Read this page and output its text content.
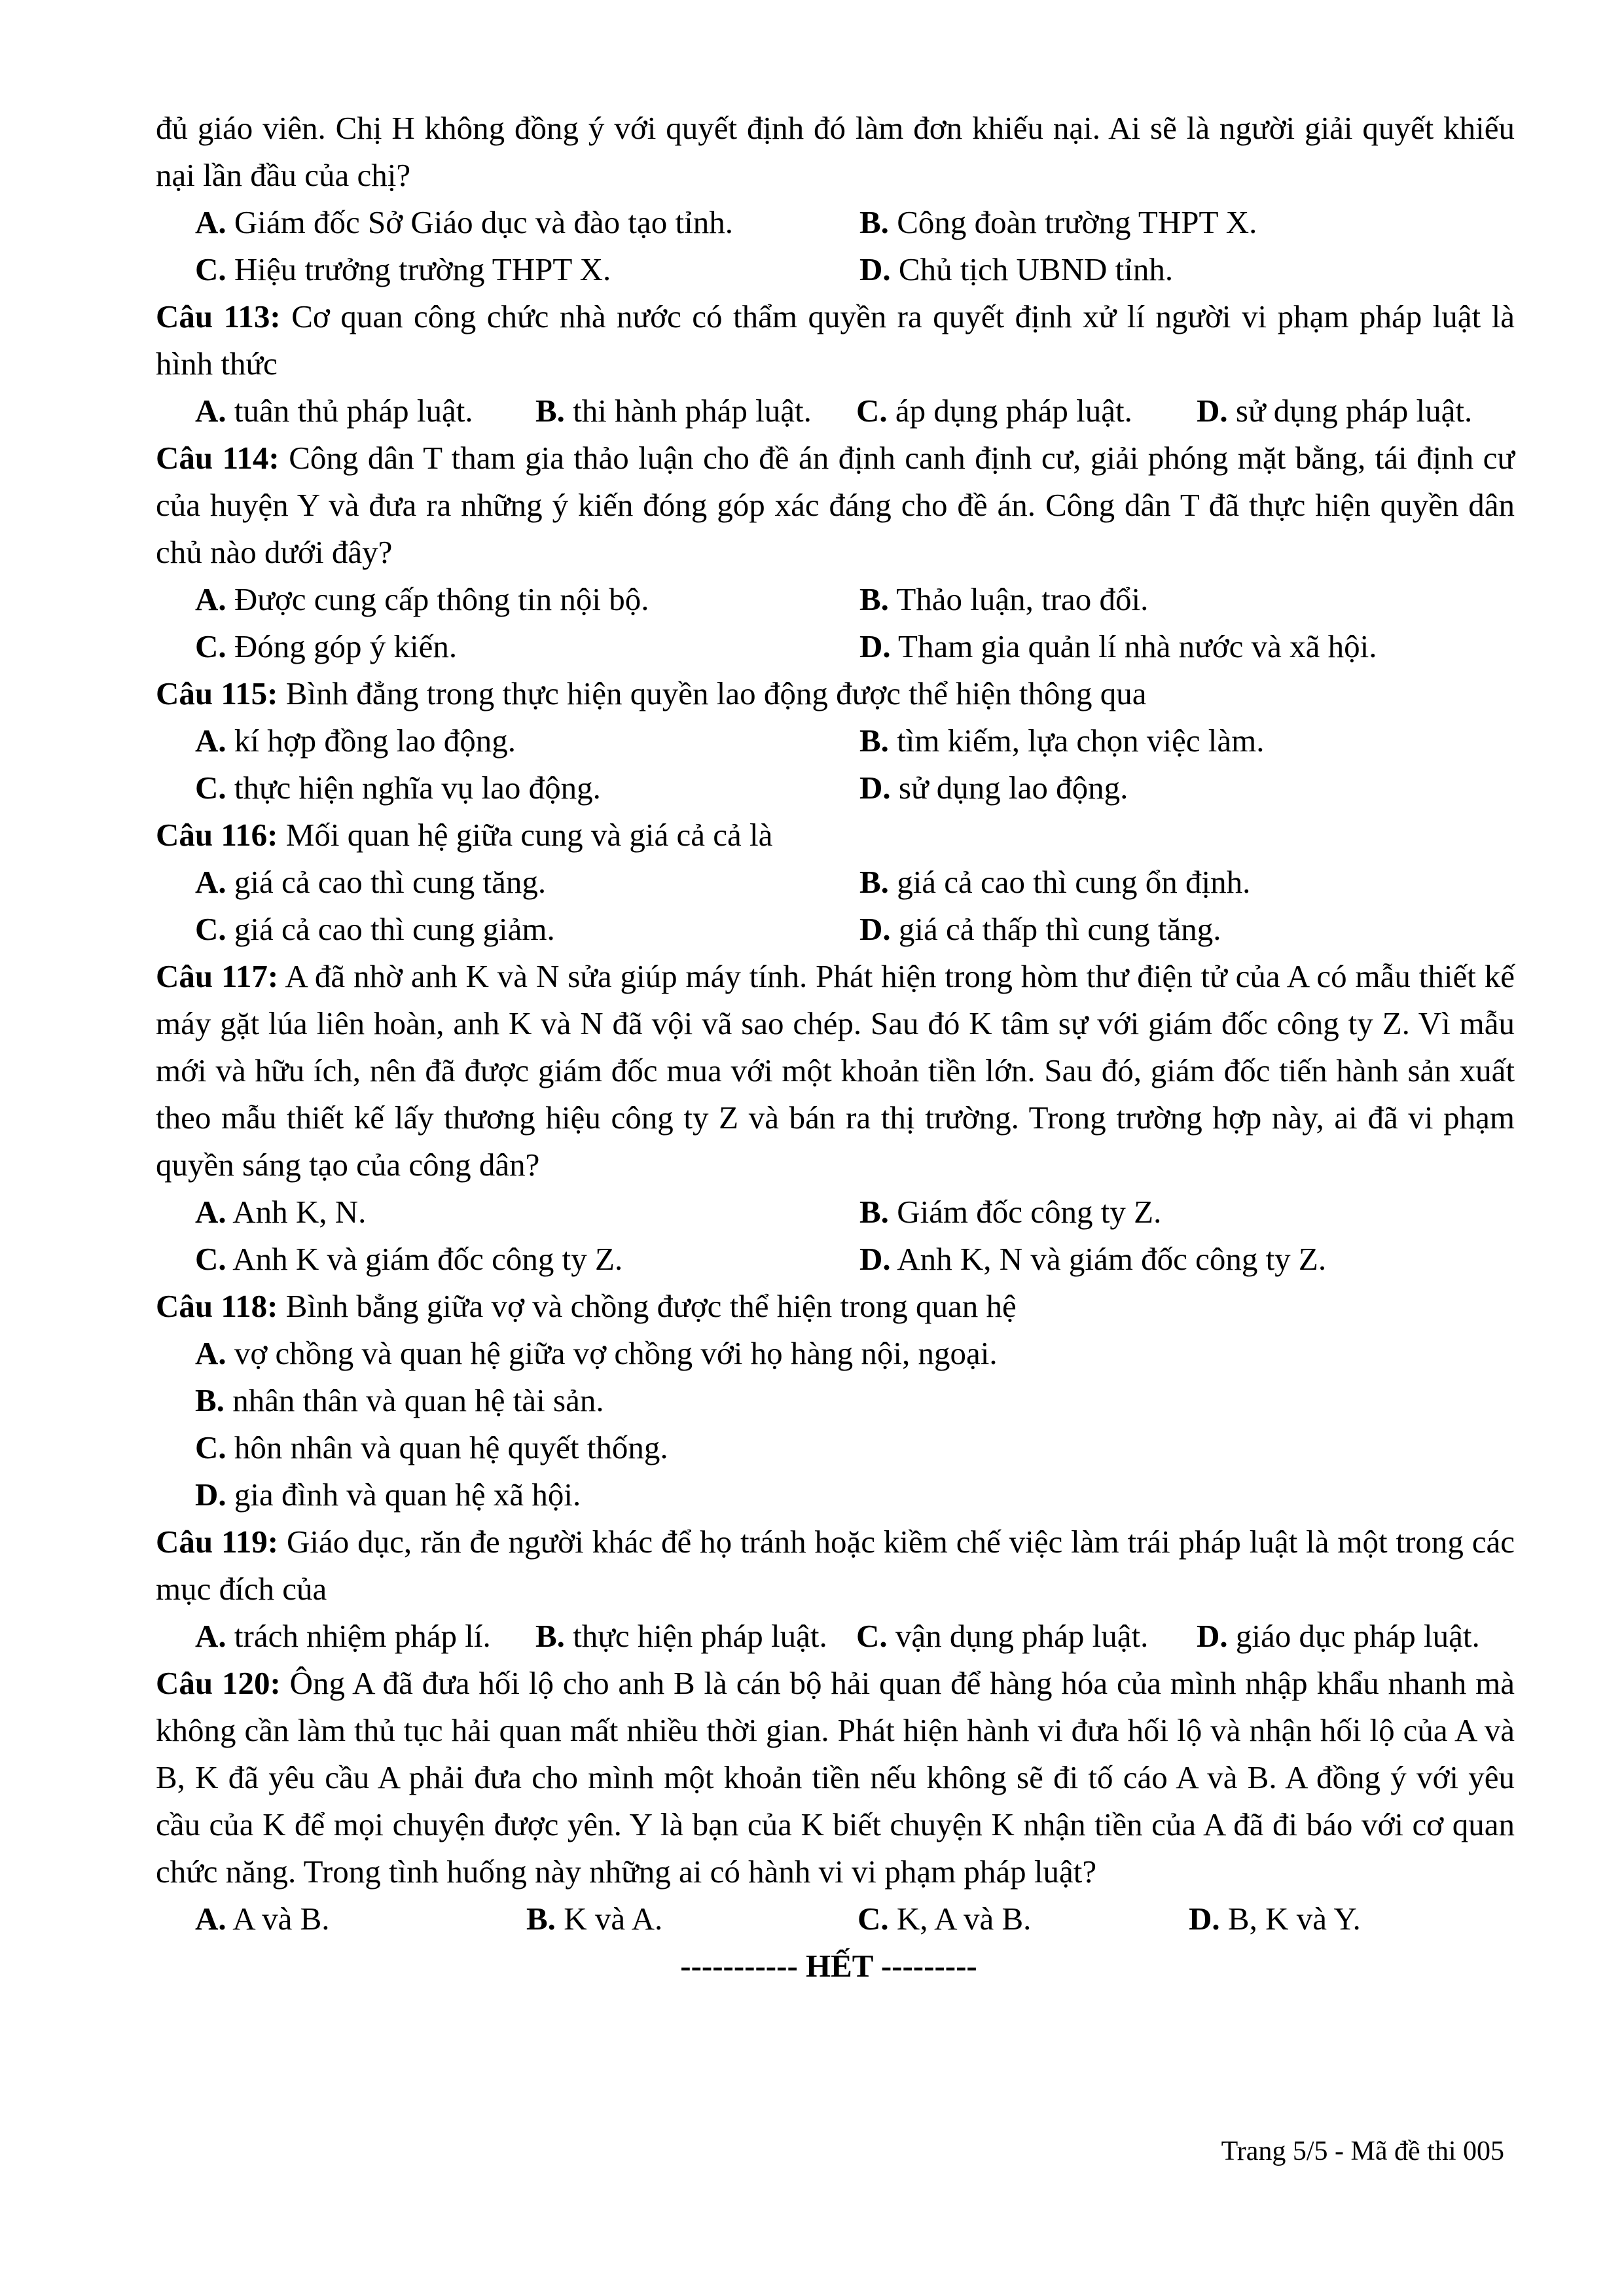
đủ giáo viên. Chị H không đồng ý với quyết định đó làm đơn khiếu nại. Ai sẽ là người giải quyết khiếu nại lần đầu của chị?

A. Giám đốc Sở Giáo dục và đào tạo tỉnh.	B. Công đoàn trường THPT X.
C. Hiệu trưởng trường THPT X.	D. Chủ tịch UBND tỉnh.

Câu 113: Cơ quan công chức nhà nước có thẩm quyền ra quyết định xử lí người vi phạm pháp luật là hình thức

A. tuân thủ pháp luật.	B. thi hành pháp luật.	C. áp dụng pháp luật.	D. sử dụng pháp luật.

Câu 114: Công dân T tham gia thảo luận cho đề án định canh định cư, giải phóng mặt bằng, tái định cư của huyện Y và đưa ra những ý kiến đóng góp xác đáng cho đề án. Công dân T đã thực hiện quyền dân chủ nào dưới đây?

A. Được cung cấp thông tin nội bộ.	B. Thảo luận, trao đổi.
C. Đóng góp ý kiến.	D. Tham gia quản lí nhà nước và xã hội.

Câu 115: Bình đẳng trong thực hiện quyền lao động được thể hiện thông qua

A. kí hợp đồng lao động.	B. tìm kiếm, lựa chọn việc làm.
C. thực hiện nghĩa vụ lao động.	D. sử dụng lao động.

Câu 116: Mối quan hệ giữa cung và giá cả cả là

A. giá cả cao thì cung tăng.	B. giá cả cao thì cung ổn định.
C. giá cả cao thì cung giảm.	D. giá cả thấp thì cung tăng.

Câu 117: A đã nhờ anh K và N sửa giúp máy tính. Phát hiện trong hòm thư điện tử của A có mẫu thiết kế máy gặt lúa liên hoàn, anh K và N đã vội vã sao chép. Sau đó K tâm sự với giám đốc công ty Z. Vì mẫu mới và hữu ích, nên đã được giám đốc mua với một khoản tiền lớn. Sau đó, giám đốc tiến hành sản xuất theo mẫu thiết kế lấy thương hiệu công ty Z và bán ra thị trường. Trong trường hợp này, ai đã vi phạm quyền sáng tạo của công dân?

A. Anh K, N.	B. Giám đốc công ty Z.
C. Anh K và giám đốc công ty Z.	D. Anh K, N và giám đốc công ty Z.

Câu 118: Bình bẳng giữa vợ và chồng được thể hiện trong quan hệ

A. vợ chồng và quan hệ giữa vợ chồng với họ hàng nội, ngoại.
B. nhân thân và quan hệ tài sản.
C. hôn nhân và quan hệ quyết thống.
D. gia đình và quan hệ xã hội.

Câu 119: Giáo dục, răn đe người khác để họ tránh hoặc kiềm chế việc làm trái pháp luật là một trong các mục đích của

A. trách nhiệm pháp lí.	B. thực hiện pháp luật. C. vận dụng pháp luật.	D. giáo dục pháp luật.

Câu 120: Ông A đã đưa hối lộ cho anh B là cán bộ hải quan để hàng hóa của mình nhập khẩu nhanh mà không cần làm thủ tục hải quan mất nhiều thời gian. Phát hiện hành vi đưa hối lộ và nhận hối lộ của A và B, K đã yêu cầu A phải đưa cho mình một khoản tiền nếu không sẽ đi tố cáo A và B. A đồng ý với yêu cầu của K để mọi chuyện được yên. Y là bạn của K biết chuyện K nhận tiền của A đã đi báo với cơ quan chức năng. Trong tình huống này những ai có hành vi vi phạm pháp luật?

A. A và B.	B. K và A.	C. K, A và B.	D. B, K và Y.

----------- HẾT ---------

Trang 5/5 - Mã đề thi 005
